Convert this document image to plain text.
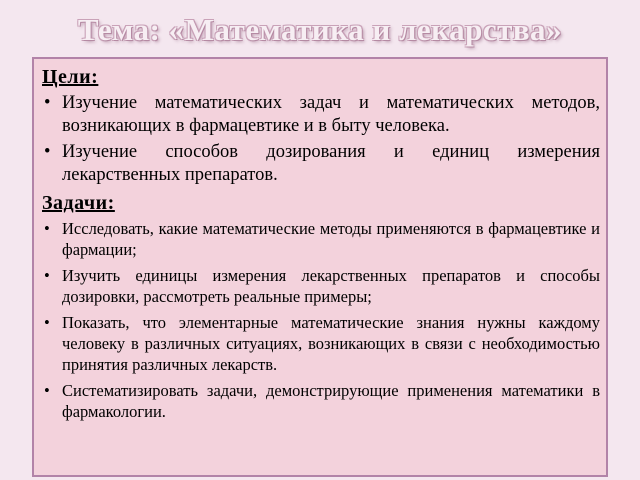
Тема: «Математика и лекарства»
Цели:
• Изучение математических задач и математических методов, возникающих в фармацевтике и в быту человека.
• Изучение способов дозирования и единиц измерения лекарственных препаратов.
Задачи:
• Исследовать, какие математические методы применяются в фармацевтике и фармации;
• Изучить единицы измерения лекарственных препаратов и способы дозировки, рассмотреть реальные примеры;
• Показать, что элементарные математические знания нужны каждому человеку в различных ситуациях, возникающих в связи с необходимостью принятия различных лекарств.
• Систематизировать задачи, демонстрирующие применения математики в фармакологии.
